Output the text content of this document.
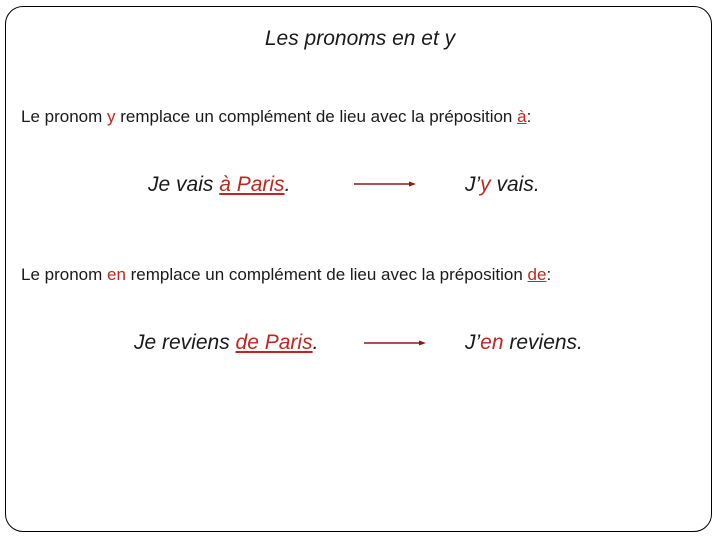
Les pronoms en et y
Le pronom y remplace un complément de lieu avec la préposition à:
Je vais à Paris.	J’y vais.
Le pronom en remplace un complément de lieu avec la préposition de:
Je reviens de Paris.	J’en reviens.
